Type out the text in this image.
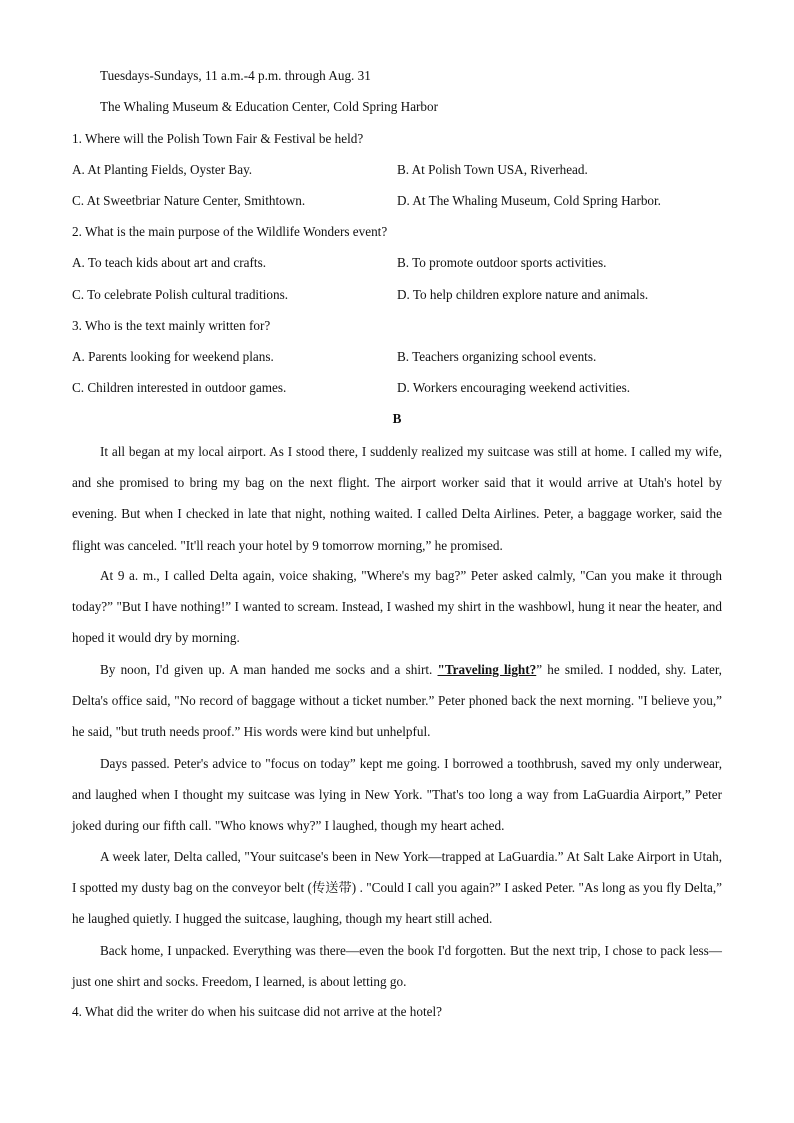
Tuesdays-Sundays, 11 a.m.-4 p.m. through Aug. 31
The Whaling Museum & Education Center, Cold Spring Harbor
1. Where will the Polish Town Fair & Festival be held?
A. At Planting Fields, Oyster Bay.	B. At Polish Town USA, Riverhead.
C. At Sweetbriar Nature Center, Smithtown.	D. At The Whaling Museum, Cold Spring Harbor.
2. What is the main purpose of the Wildlife Wonders event?
A. To teach kids about art and crafts.	B. To promote outdoor sports activities.
C. To celebrate Polish cultural traditions.	D. To help children explore nature and animals.
3. Who is the text mainly written for?
A. Parents looking for weekend plans.	B. Teachers organizing school events.
C. Children interested in outdoor games.	D. Workers encouraging weekend activities.
B

It all began at my local airport. As I stood there, I suddenly realized my suitcase was still at home. I called my wife, and she promised to bring my bag on the next flight. The airport worker said that it would arrive at Utah's hotel by evening. But when I checked in late that night, nothing waited. I called Delta Airlines. Peter, a baggage worker, said the flight was canceled. "It'll reach your hotel by 9 tomorrow morning,” he promised.

At 9 a. m., I called Delta again, voice shaking, "Where's my bag?” Peter asked calmly, "Can you make it through today?” "But I have nothing!” I wanted to scream. Instead, I washed my shirt in the washbowl, hung it near the heater, and hoped it would dry by morning.

By noon, I'd given up. A man handed me socks and a shirt. "Traveling light?” he smiled. I nodded, shy. Later, Delta's office said, "No record of baggage without a ticket number.” Peter phoned back the next morning. "I believe you,” he said, "but truth needs proof.” His words were kind but unhelpful.

Days passed. Peter's advice to "focus on today” kept me going. I borrowed a toothbrush, saved my only underwear, and laughed when I thought my suitcase was lying in New York. "That's too long a way from LaGuardia Airport,” Peter joked during our fifth call. "Who knows why?” I laughed, though my heart ached.

A week later, Delta called, "Your suitcase's been in New York—trapped at LaGuardia.” At Salt Lake Airport in Utah, I spotted my dusty bag on the conveyor belt (传送带) . "Could I call you again?” I asked Peter. "As long as you fly Delta,” he laughed quietly. I hugged the suitcase, laughing, though my heart still ached.

Back home, I unpacked. Everything was there—even the book I'd forgotten. But the next trip, I chose to pack less—just one shirt and socks. Freedom, I learned, is about letting go.

4. What did the writer do when his suitcase did not arrive at the hotel?
